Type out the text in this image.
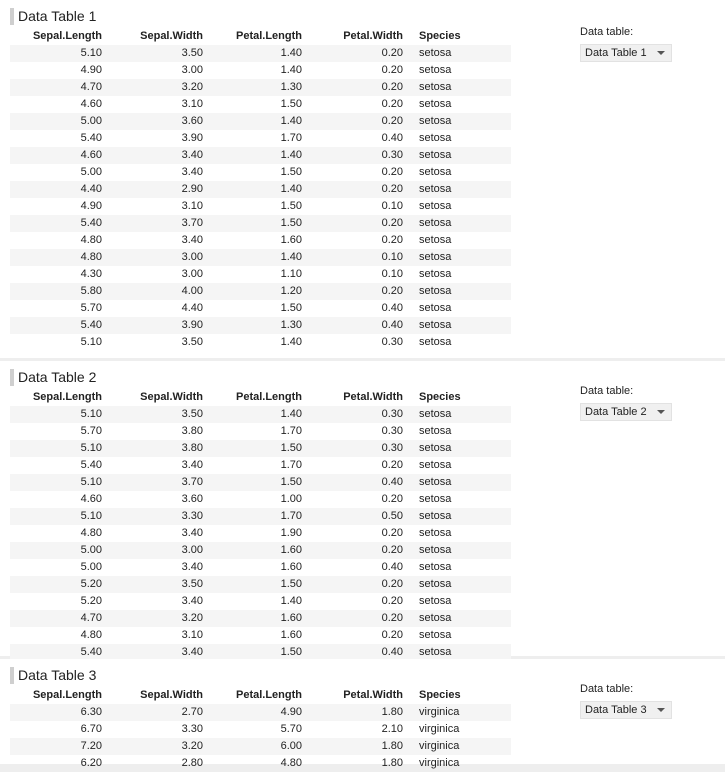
Data Table 1
Sepal.Length	Sepal.Width	Petal.Length	Petal.Width Species
5.10	3.50	1.40	0.20 setosa
4.90	3.00	1.40	0.20 setosa
4.70	3.20	1.30	0.20 setosa
4.60	3.10	1.50	0.20 setosa
5.00	3.60	1.40	0.20 setosa
5.40	3.90	1.70	0.40 setosa
4.60	3.40	1.40	0.30 setosa
5.00	3.40	1.50	0.20 setosa
4.40	2.90	1.40	0.20 setosa
4.90	3.10	1.50	0.10 setosa
5.40	3.70	1.50	0.20 setosa
4.80	3.40	1.60	0.20 setosa
4.80	3.00	1.40	0.10 setosa
4.30	3.00	1.10	0.10 setosa
5.80	4.00	1.20	0.20 setosa
5.70	4.40	1.50	0.40 setosa
5.40	3.90	1.30	0.40 setosa
5.10	3.50	1.40	0.30 setosa
Data table:
Data Table 1
Data Table 2
Sepal.Length	Sepal.Width	Petal.Length	Petal.Width Species
5.10	3.50	1.40	0.30 setosa
5.70	3.80	1.70	0.30 setosa
5.10	3.80	1.50	0.30 setosa
5.40	3.40	1.70	0.20 setosa
5.10	3.70	1.50	0.40 setosa
4.60	3.60	1.00	0.20 setosa
5.10	3.30	1.70	0.50 setosa
4.80	3.40	1.90	0.20 setosa
5.00	3.00	1.60	0.20 setosa
5.00	3.40	1.60	0.40 setosa
5.20	3.50	1.50	0.20 setosa
5.20	3.40	1.40	0.20 setosa
4.70	3.20	1.60	0.20 setosa
4.80	3.10	1.60	0.20 setosa
5.40	3.40	1.50	0.40 setosa
Data table:
Data Table 2
Data Table 3
Sepal.Length	Sepal.Width	Petal.Length	Petal.Width Species
6.30	2.70	4.90	1.80 virginica
6.70	3.30	5.70	2.10 virginica
7.20	3.20	6.00	1.80 virginica
6.20	2.80	4.80	1.80 virginica
Data table:
Data Table 3
